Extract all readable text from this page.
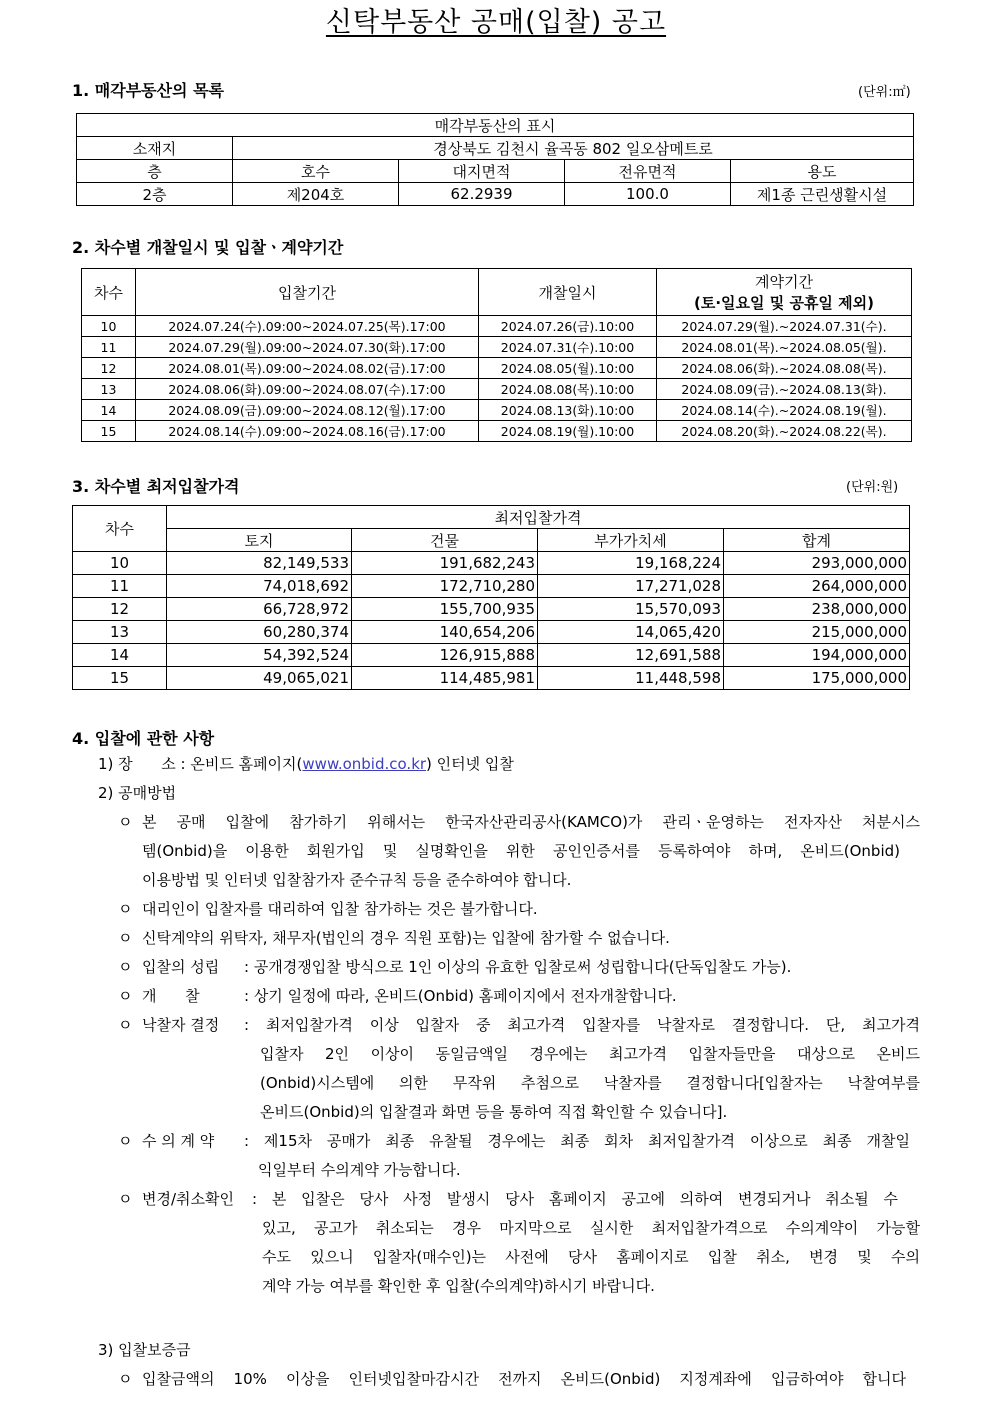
신탁부동산 공매(입찰) 공고
1. 매각부동산의 목록	(단위:㎡)
매각부동산의 표시				
소재지	경상북도 김천시 율곡동 802 일오삼메트로			
층	호수	대지면적	전유면적	용도
2층	제204호	62.2939	100.0	제1종 근린생활시설
2. 차수별 개찰일시 및 입찰ㆍ계약기간
차수	입찰기간	개찰일시	계약기간
(토·일요일 및 공휴일 제외)

10	2024.07.24(수).09:00~2024.07.25(목).17:00	2024.07.26(금).10:00	2024.07.29(월).~2024.07.31(수).
11	2024.07.29(월).09:00~2024.07.30(화).17:00	2024.07.31(수).10:00	2024.08.01(목).~2024.08.05(월).
12	2024.08.01(목).09:00~2024.08.02(금).17:00	2024.08.05(월).10:00	2024.08.06(화).~2024.08.08(목).
13	2024.08.06(화).09:00~2024.08.07(수).17:00	2024.08.08(목).10:00	2024.08.09(금).~2024.08.13(화).
14	2024.08.09(금).09:00~2024.08.12(월).17:00	2024.08.13(화).10:00	2024.08.14(수).~2024.08.19(월).
15	2024.08.14(수).09:00~2024.08.16(금).17:00	2024.08.19(월).10:00	2024.08.20(화).~2024.08.22(목).
3. 차수별 최저입찰가격	(단위:원)
차수	최저입찰가격			
	토지	건물	부가가치세	합계
10	82,149,533	191,682,243	19,168,224	293,000,000
11	74,018,692	172,710,280	17,271,028	264,000,000
12	66,728,972	155,700,935	15,570,093	238,000,000
13	60,280,374	140,654,206	14,065,420	215,000,000
14	54,392,524	126,915,888	12,691,588	194,000,000
15	49,065,021	114,485,981	11,448,598	175,000,000
4. 입찰에 관한 사항
1) 장      소 : 온비드 홈페이지(www.onbid.co.kr) 인터넷 입찰
2) 공매방법
ㅇ 본 공매 입찰에 참가하기 위해서는 한국자산관리공사(KAMCO)가 관리ㆍ운영하는 전자자산 처분시스
템(Onbid)을 이용한 회원가입 및 실명확인을 위한 공인인증서를 등록하여야 하며, 온비드(Onbid)
이용방법 및 인터넷 입찰참가자 준수규칙 등을 준수하여야 합니다.
ㅇ 대리인이 입찰자를 대리하여 입찰 참가하는 것은 불가합니다.
ㅇ 신탁계약의 위탁자, 채무자(법인의 경우 직원 포함)는 입찰에 참가할 수 없습니다.
ㅇ 입찰의 성립 : 공개경쟁입찰 방식으로 1인 이상의 유효한 입찰로써 성립합니다(단독입찰도 가능).
ㅇ 개      찰	: 상기 일정에 따라, 온비드(Onbid) 홈페이지에서 전자개찰합니다.
ㅇ 낙찰자 결정 : 최저입찰가격 이상 입찰자 중 최고가격 입찰자를 낙찰자로 결정합니다. 단, 최고가격
입찰자 2인 이상이 동일금액일 경우에는 최고가격 입찰자들만을 대상으로 온비드
(Onbid)시스템에 의한 무작위 추첨으로 낙찰자를 결정합니다[입찰자는 낙찰여부를
온비드(Onbid)의 입찰결과 화면 등을 통하여 직접 확인할 수 있습니다].
ㅇ 수 의 계 약 : 제15차 공매가 최종 유찰될 경우에는 최종 회차 최저입찰가격 이상으로 최종 개찰일
익일부터 수의계약 가능합니다.
ㅇ 변경/취소확인 : 본 입찰은 당사 사정 발생시 당사 홈페이지 공고에 의하여 변경되거나 취소될 수
있고, 공고가 취소되는 경우 마지막으로 실시한 최저입찰가격으로 수의계약이 가능할
수도 있으니 입찰자(매수인)는 사전에 당사 홈페이지로 입찰 취소, 변경 및 수의
계약 가능 여부를 확인한 후 입찰(수의계약)하시기 바랍니다.
3) 입찰보증금
ㅇ 입찰금액의 10% 이상을 인터넷입찰마감시간 전까지 온비드(Onbid) 지정계좌에 입금하여야 합니다
